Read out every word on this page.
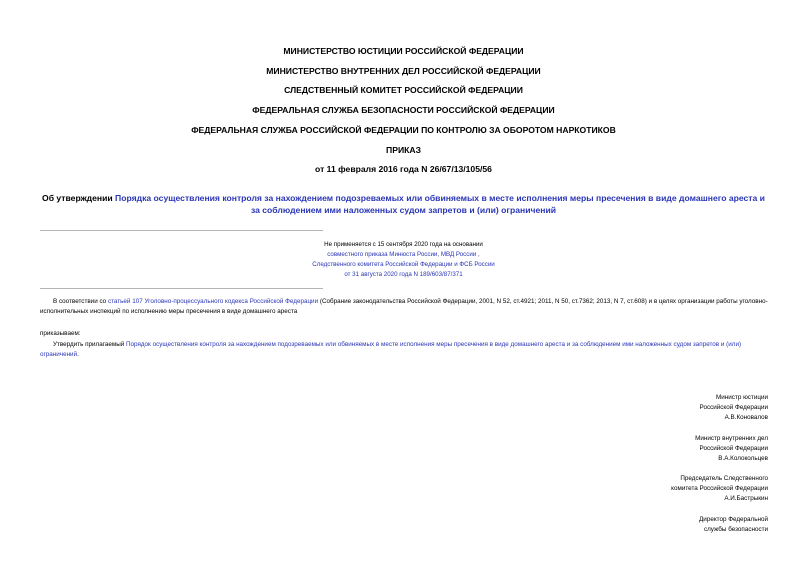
МИНИСТЕРСТВО ЮСТИЦИИ РОССИЙСКОЙ ФЕДЕРАЦИИ
МИНИСТЕРСТВО ВНУТРЕННИХ ДЕЛ РОССИЙСКОЙ ФЕДЕРАЦИИ
СЛЕДСТВЕННЫЙ КОМИТЕТ РОССИЙСКОЙ ФЕДЕРАЦИИ
ФЕДЕРАЛЬНАЯ СЛУЖБА БЕЗОПАСНОСТИ РОССИЙСКОЙ ФЕДЕРАЦИИ
ФЕДЕРАЛЬНАЯ СЛУЖБА РОССИЙСКОЙ ФЕДЕРАЦИИ ПО КОНТРОЛЮ ЗА ОБОРОТОМ НАРКОТИКОВ
ПРИКАЗ
от 11 февраля 2016 года N 26/67/13/105/56
Об утверждении Порядка осуществления контроля за нахождением подозреваемых или обвиняемых в месте исполнения меры пресечения в виде домашнего ареста и за соблюдением ими наложенных судом запретов и (или) ограничений
Не применяется с 15 сентября 2020 года на основании
совместного приказа Минюста России, МВД России ,
Следственного комитета Российской Федерации и ФСБ России
от 31 августа 2020 года N 189/603/87/371
В соответствии со статьей 107 Уголовно-процессуального кодекса Российской Федерации (Собрание законодательства Российской Федерации, 2001, N 52, ст.4921; 2011, N 50, ст.7362; 2013, N 7, ст.608) и в целях организации работы уголовно-исполнительных инспекций по исполнению меры пресечения в виде домашнего ареста
приказываем:
Утвердить прилагаемый Порядок осуществления контроля за нахождением подозреваемых или обвиняемых в месте исполнения меры пресечения в виде домашнего ареста и за соблюдением ими наложенных судом запретов и (или) ограничений.
Министр юстиции
Российской Федерации
А.В.Коновалов
Министр внутренних дел
Российской Федерации
В.А.Колокольцев
Председатель Следственного
комитета Российской Федерации
А.И.Бастрыкин
Директор Федеральной
службы безопасности
